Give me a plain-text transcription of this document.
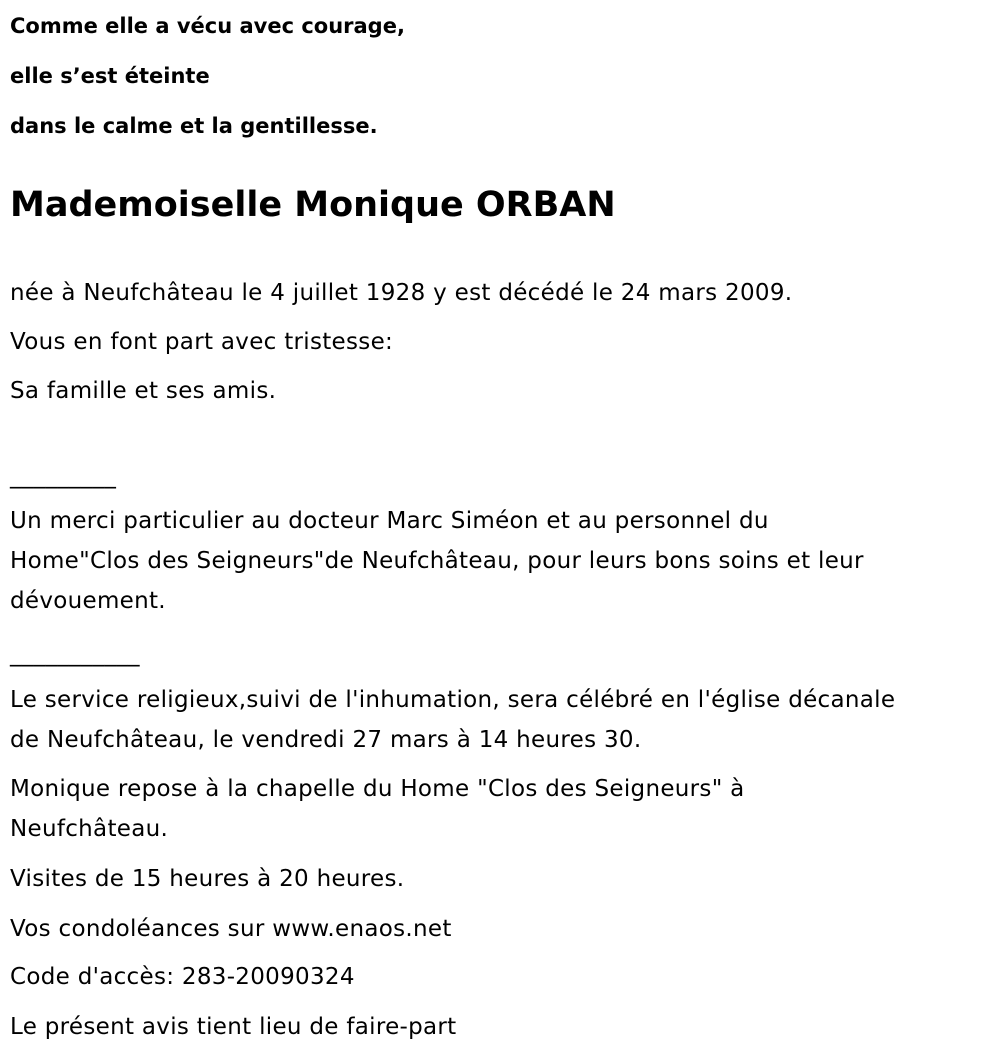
Comme elle a vécu avec courage,

elle s’est éteinte

dans le calme et la gentillesse.

Mademoiselle Monique ORBAN

née à Neufchâteau le 4 juillet 1928 y est décédé le 24 mars 2009.

Vous en font part avec tristesse:

Sa famille et ses amis.

_________

Un merci particulier au docteur Marc Siméon et au personnel du

Home"Clos des Seigneurs"de Neufchâteau, pour leurs bons soins et leur

dévouement.

___________

Le service religieux,suivi de l'inhumation, sera célébré en l'église décanale

de Neufchâteau, le vendredi 27 mars à 14 heures 30.

Monique repose à la chapelle du Home "Clos des Seigneurs" à

Neufchâteau.

Visites de 15 heures à 20 heures.

Vos condoléances sur www.enaos.net

Code d'accès: 283-20090324

Le présent avis tient lieu de faire-part
